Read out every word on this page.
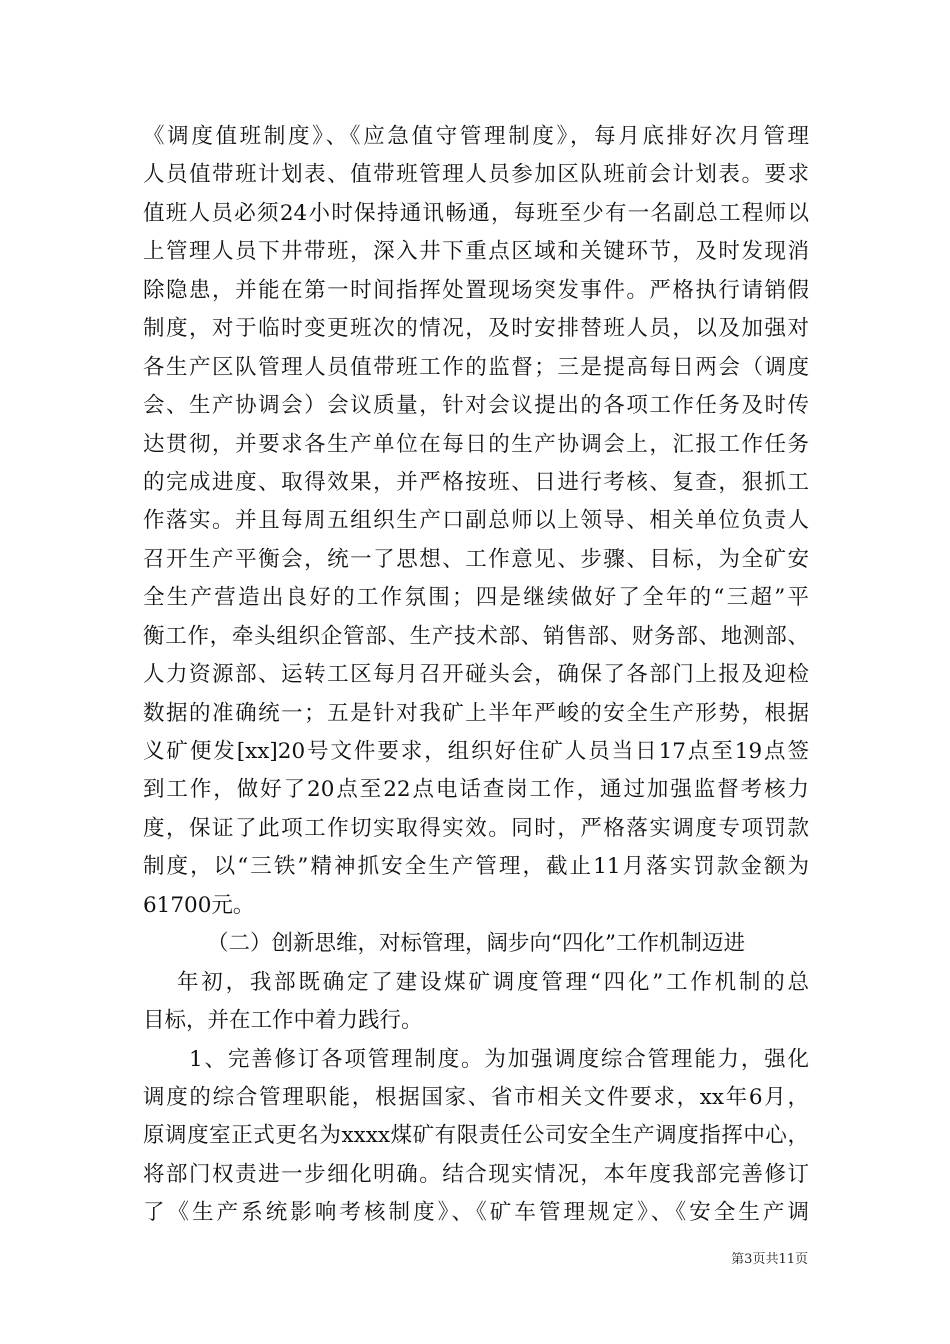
《调度值班制度》、《应急值守管理制度》，每月底排好次月管理
人员值带班计划表、值带班管理人员参加区队班前会计划表。要求
值班人员必须24小时保持通讯畅通，每班至少有一名副总工程师以
上管理人员下井带班，深入井下重点区域和关键环节，及时发现消
除隐患，并能在第一时间指挥处置现场突发事件。严格执行请销假
制度，对于临时变更班次的情况，及时安排替班人员，以及加强对
各生产区队管理人员值带班工作的监督；三是提高每日两会（调度
会、生产协调会）会议质量，针对会议提出的各项工作任务及时传
达贯彻，并要求各生产单位在每日的生产协调会上，汇报工作任务
的完成进度、取得效果，并严格按班、日进行考核、复查，狠抓工
作落实。并且每周五组织生产口副总师以上领导、相关单位负责人
召开生产平衡会，统一了思想、工作意见、步骤、目标，为全矿安
全生产营造出良好的工作氛围；四是继续做好了全年的“三超”平
衡工作，牵头组织企管部、生产技术部、销售部、财务部、地测部、
人力资源部、运转工区每月召开碰头会，确保了各部门上报及迎检
数据的准确统一；五是针对我矿上半年严峻的安全生产形势，根据
义矿便发[xx]20号文件要求，组织好住矿人员当日17点至19点签
到工作，做好了20点至22点电话查岗工作，通过加强监督考核力
度，保证了此项工作切实取得实效。同时，严格落实调度专项罚款
制度，以“三铁”精神抓安全生产管理，截止11月落实罚款金额为
61700元。
（二）创新思维，对标管理，阔步向“四化”工作机制迈进
年初，我部既确定了建设煤矿调度管理“四化”工作机制的总
目标，并在工作中着力践行。
1、完善修订各项管理制度。为加强调度综合管理能力，强化
调度的综合管理职能，根据国家、省市相关文件要求，xx年6月，
原调度室正式更名为xxxx煤矿有限责任公司安全生产调度指挥中心，
将部门权责进一步细化明确。结合现实情况，本年度我部完善修订
了《生产系统影响考核制度》、《矿车管理规定》、《安全生产调
第3页共11页
